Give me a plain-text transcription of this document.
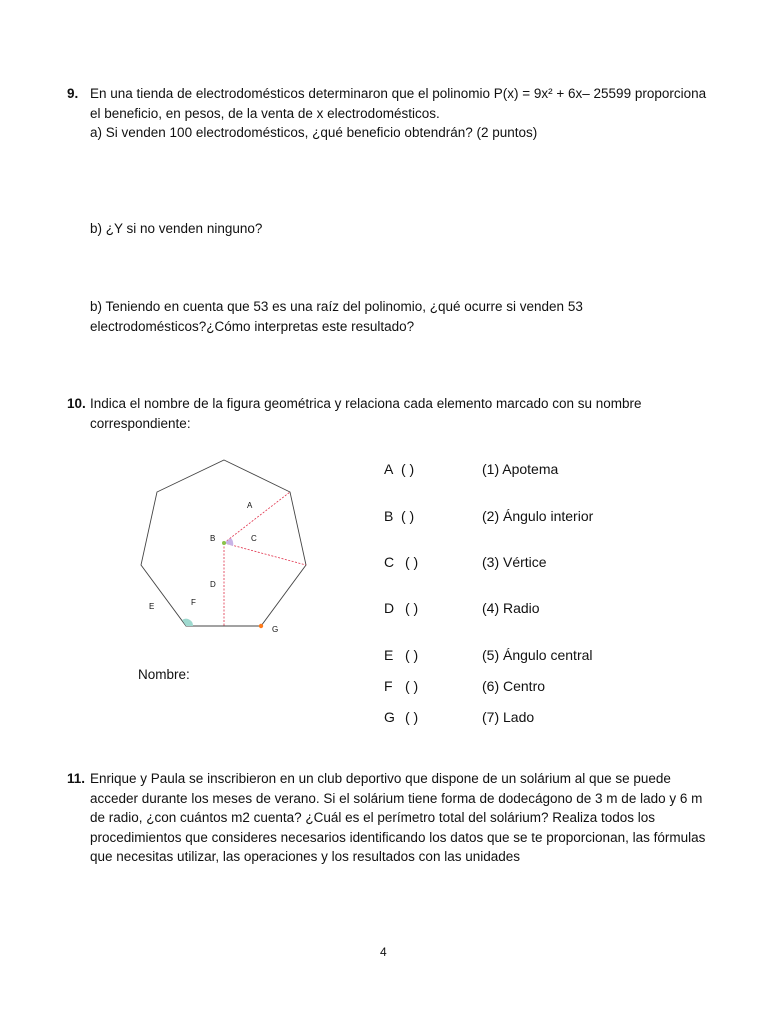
9. En una tienda de electrodomésticos determinaron que el polinomio P(x) = 9x² + 6x– 25599 proporciona
el beneficio, en pesos, de la venta de x electrodomésticos.
a) Si venden 100 electrodomésticos, ¿qué beneficio obtendrán? (2 puntos)
b) ¿Y si no venden ninguno?
b) Teniendo en cuenta que 53 es una raíz del polinomio, ¿qué ocurre si venden 53
electrodomésticos?¿Cómo interpretas este resultado?
10. Indica el nombre de la figura geométrica y relaciona cada elemento marcado con su nombre
correspondiente:
A
B	C
D
E	F
G
Nombre:
A ( )	(1) Apotema
B ( )	(2) Ángulo interior
C ( )	(3) Vértice
D ( )	(4) Radio
E ( )	(5) Ángulo central
F ( )	(6) Centro
G ( )	(7) Lado
11. Enrique y Paula se inscribieron en un club deportivo que dispone de un solárium al que se puede
acceder durante los meses de verano. Si el solárium tiene forma de dodecágono de 3 m de lado y 6 m
de radio, ¿con cuántos m2 cuenta? ¿Cuál es el perímetro total del solárium? Realiza todos los
procedimientos que consideres necesarios identificando los datos que se te proporcionan, las fórmulas
que necesitas utilizar, las operaciones y los resultados con las unidades
4
